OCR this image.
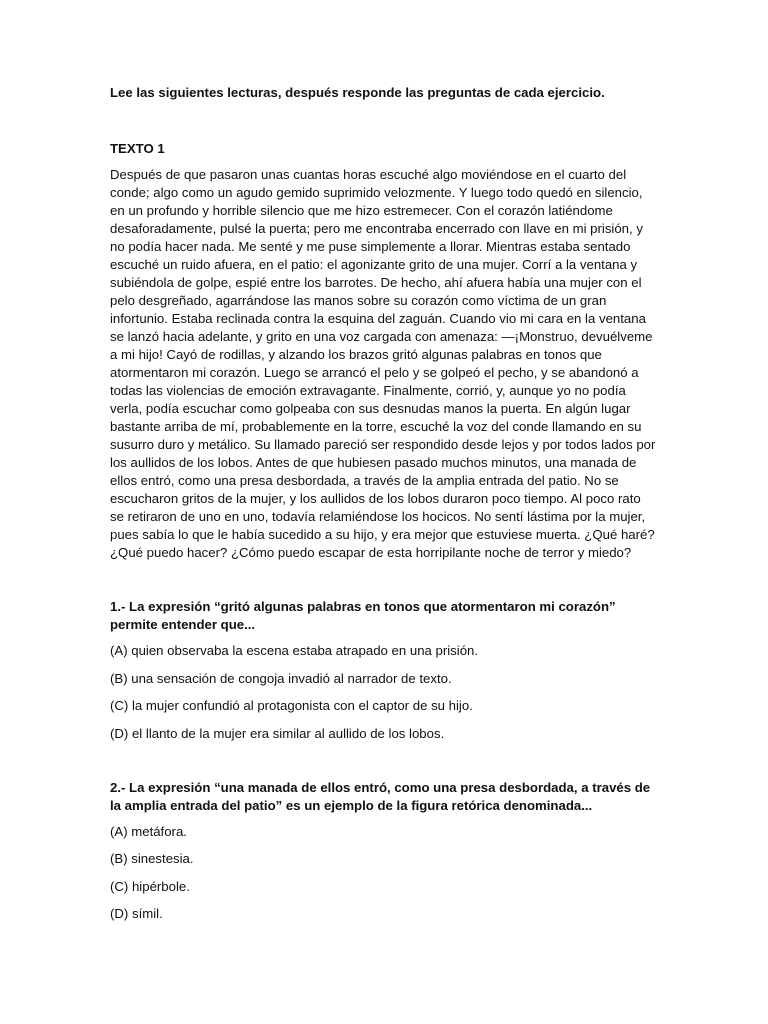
Lee las siguientes lecturas, después responde las preguntas de cada ejercicio.

TEXTO 1

Después de que pasaron unas cuantas horas escuché algo moviéndose en el cuarto del conde; algo como un agudo gemido suprimido velozmente. Y luego todo quedó en silencio, en un profundo y horrible silencio que me hizo estremecer. Con el corazón latiéndome desaforadamente, pulsé la puerta; pero me encontraba encerrado con llave en mi prisión, y no podía hacer nada. Me senté y me puse simplemente a llorar. Mientras estaba sentado escuché un ruido afuera, en el patio: el agonizante grito de una mujer. Corrí a la ventana y subiéndola de golpe, espié entre los barrotes. De hecho, ahí afuera había una mujer con el pelo desgreñado, agarrándose las manos sobre su corazón como víctima de un gran infortunio. Estaba reclinada contra la esquina del zaguán. Cuando vio mi cara en la ventana se lanzó hacia adelante, y grito en una voz cargada con amenaza: —¡Monstruo, devuélveme a mi hijo! Cayó de rodillas, y alzando los brazos gritó algunas palabras en tonos que atormentaron mi corazón. Luego se arrancó el pelo y se golpeó el pecho, y se abandonó a todas las violencias de emoción extravagante. Finalmente, corrió, y, aunque yo no podía verla, podía escuchar como golpeaba con sus desnudas manos la puerta. En algún lugar bastante arriba de mí, probablemente en la torre, escuché la voz del conde llamando en su susurro duro y metálico. Su llamado pareció ser respondido desde lejos y por todos lados por los aullidos de los lobos. Antes de que hubiesen pasado muchos minutos, una manada de ellos entró, como una presa desbordada, a través de la amplia entrada del patio. No se escucharon gritos de la mujer, y los aullidos de los lobos duraron poco tiempo. Al poco rato se retiraron de uno en uno, todavía relamiéndose los hocicos. No sentí lástima por la mujer, pues sabía lo que le había sucedido a su hijo, y era mejor que estuviese muerta. ¿Qué haré? ¿Qué puedo hacer? ¿Cómo puedo escapar de esta horripilante noche de terror y miedo?

1.- La expresión “gritó algunas palabras en tonos que atormentaron mi corazón” permite entender que...

(A) quien observaba la escena estaba atrapado en una prisión.

(B) una sensación de congoja invadió al narrador de texto.

(C) la mujer confundió al protagonista con el captor de su hijo.

(D) el llanto de la mujer era similar al aullido de los lobos.

2.- La expresión “una manada de ellos entró, como una presa desbordada, a través de la amplia entrada del patio” es un ejemplo de la figura retórica denominada...

(A) metáfora.

(B) sinestesia.

(C) hipérbole.

(D) símil.
